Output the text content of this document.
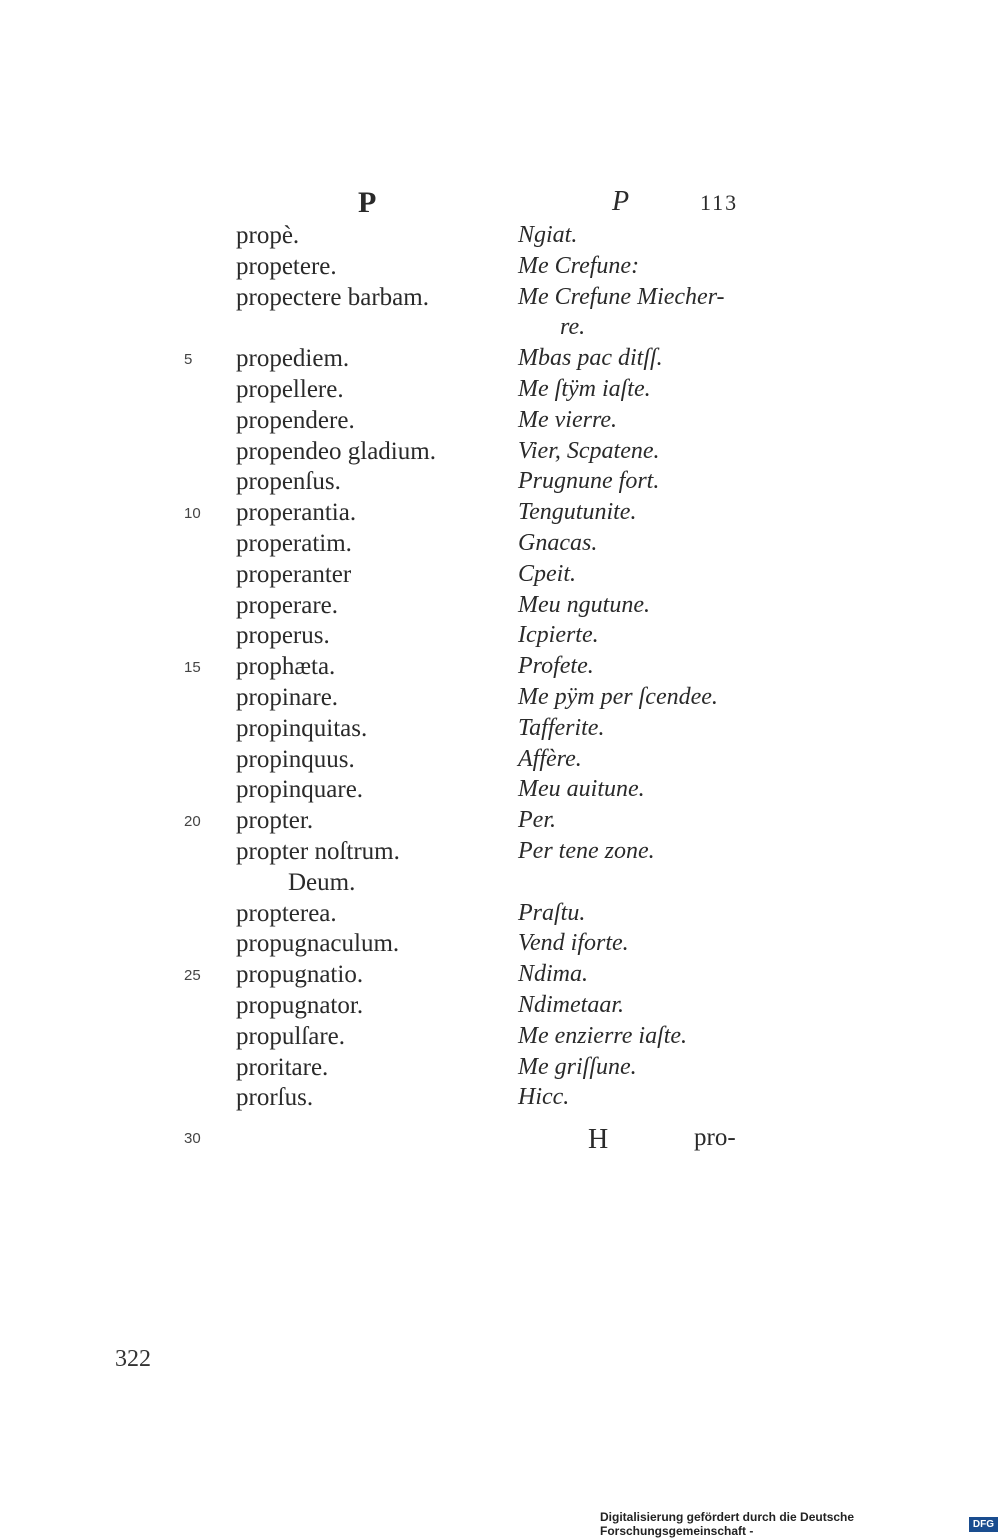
P	P	113
propè.	Ngiat.
propetere.	Me Crefune:
propectere barbam.	Me Crefune Miecher-
re.
5 propediem.	Mbas pac ditſſ.
propellere.	Me ſtÿm iaſte.
propendere.	Me vierre.
propendeo gladium.	Vier, Scpatene.
propenſus.	Prugnune fort.
10 properantia.	Tengutunite.
properatim.	Gnacas.
properanter	Cpeit.
properare.	Meu ngutune.
properus.	Icpierte.
15 prophæta.	Profete.
propinare.	Me pÿm per ſcendee.
propinquitas.	Tafferite.
propinquus.	Affère.
propinquare.	Meu auitune.
20 propter.	Per.
propter noſtrum.	Per tene zone.
Deum.
propterea.	Praſtu.
propugnaculum.	Vend iforte.
25 propugnatio.	Ndima.
propugnator.	Ndimetaar.
propulſare.	Me enzierre iaſte.
proritare.	Me griſſune.
prorſus.	Hicc.
30	H	pro-
322
Digitalisierung gefördert durch die Deutsche Forschungsgemeinschaft -	DFG
